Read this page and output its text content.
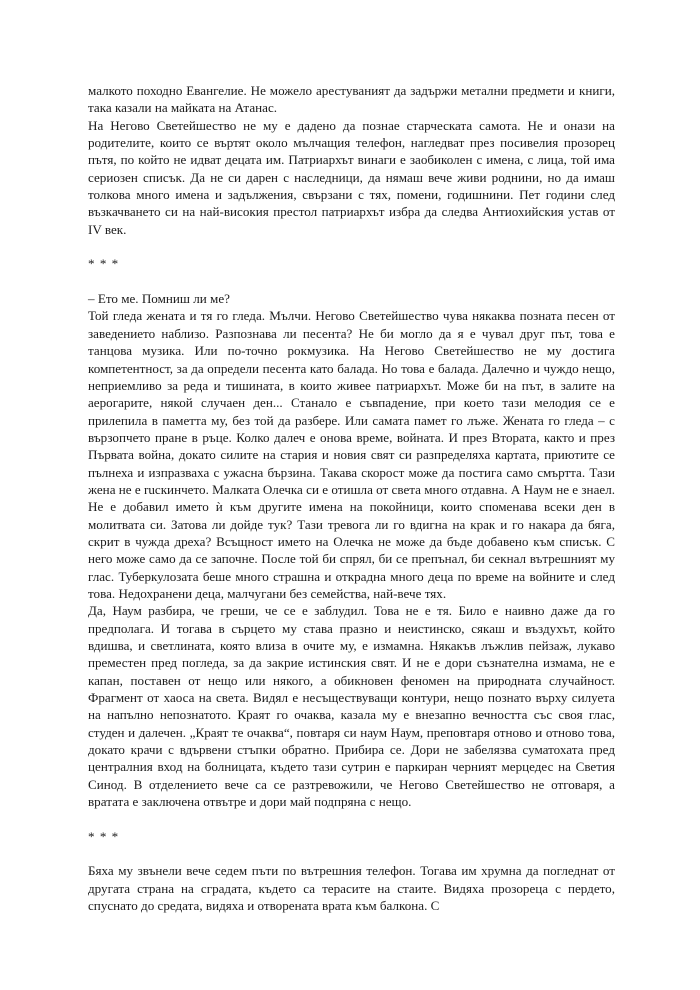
малкото походно Евангелие. Не можело арестуваният да задържи метални предмети и книги, така казали на майката на Атанас.

На Негово Светейшество не му е дадено да познае старческата самота. Не и онази на родителите, които се въртят около мълчащия телефон, нагледват през посивелия прозорец пътя, по който не идват децата им. Патриархът винаги е заобиколен с имена, с лица, той има сериозен списък. Да не си дарен с наследници, да нямаш вече живи роднини, но да имаш толкова много имена и задължения, свързани с тях, помени, годишнини. Пет години след възкачването си на най-високия престол патриархът избра да следва Антиохийския устав от IV век.

* * *

– Ето ме. Помниш ли ме?

Той гледа жената и тя го гледа. Мълчи. Негово Светейшество чува някаква позната песен от заведението наблизо. Разпознава ли песента? Не би могло да я е чувал друг път, това е танцова музика. Или по-точно рокмузика. На Негово Светейшество не му достига компетентност, за да определи песента като балада. Но това е балада. Далечно и чуждо нещо, неприемливо за реда и тишината, в които живее патриархът. Може би на път, в залите на аерогарите, някой случаен ден... Станало е съвпадение, при което тази мелодия се е прилепила в паметта му, без той да разбере. Или самата памет го лъже. Жената го гледа – с вързопчето пране в ръце. Колко далеч е онова време, войната. И през Втората, както и през Първата война, докато силите на стария и новия свят си разпределяха картата, приютите се пълнеха и изпразваха с ужасна бързина. Такава скорост може да постига само смъртта. Тази жена не е ruскинчето. Малката Олечка си е отишла от света много отдавна. А Наум не е знаел. Не е добавил името ѝ към другите имена на покойници, които споменава всеки ден в молитвата си. Затова ли дойде тук? Тази тревога ли го вдигна на крак и го накара да бяга, скрит в чужда дреха? Всъщност името на Олечка не може да бъде добавено към списък. С него може само да се започне. После той би спрял, би се препънал, би секнал вътрешният му глас. Туберкулозата беше много страшна и открадна много деца по време на войните и след това. Недохранени деца, малчугани без семейства, най-вече тях.

Да, Наум разбира, че греши, че се е заблудил. Това не е тя. Било е наивно даже да го предполага. И тогава в сърцето му става празно и неистинско, сякаш и въздухът, който вдишва, и светлината, която влиза в очите му, е измамна. Някакъв лъжлив пейзаж, лукаво преместен пред погледа, за да закрие истинския свят. И не е дори съзнателна измама, не е капан, поставен от нещо или някого, а обикновен феномен на природната случайност. Фрагмент от хаоса на света. Видял е несъществуващи контури, нещо познато върху силуета на напълно непознатото. Краят го очаква, казала му е внезапно вечността със своя глас, студен и далечен. „Краят те очаква“, повтаря си наум Наум, преповтаря отново и отново това, докато крачи с вдървени стъпки обратно. Прибира се. Дори не забелязва суматохата пред централния вход на болницата, където тази сутрин е паркиран черният мерцедес на Светия Синод. В отделението вече са се разтревожили, че Негово Светейшество не отговаря, а вратата е заключена отвътре и дори май подпряна с нещо.

* * *

Бяха му звънели вече седем пъти по вътрешния телефон. Тогава им хрумна да погледнат от другата страна на сградата, където са терасите на стаите. Видяха прозореца с пердето, спуснато до средата, видяха и отворената врата към балкона. С
